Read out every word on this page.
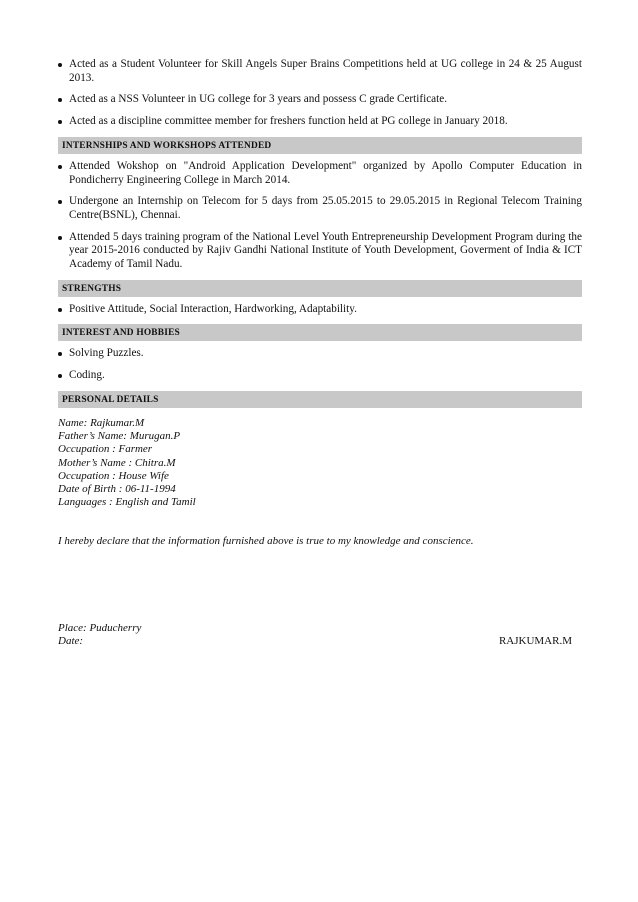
Acted as a Student Volunteer for Skill Angels Super Brains Competitions held at UG college in 24 & 25 August 2013.
Acted as a NSS Volunteer in UG college for 3 years and possess C grade Certificate.
Acted as a discipline committee member for freshers function held at PG college in January 2018.
INTERNSHIPS AND WORKSHOPS ATTENDED
Attended Wokshop on "Android Application Development" organized by Apollo Computer Education in Pondicherry Engineering College in March 2014.
Undergone an Internship on Telecom for 5 days from 25.05.2015 to 29.05.2015 in Regional Telecom Training Centre(BSNL), Chennai.
Attended 5 days training program of the National Level Youth Entrepreneurship Development Program during the year 2015-2016 conducted by Rajiv Gandhi National Institute of Youth Development, Goverment of India & ICT Academy of Tamil Nadu.
STRENGTHS
Positive Attitude, Social Interaction, Hardworking, Adaptability.
INTEREST AND HOBBIES
Solving Puzzles.
Coding.
PERSONAL DETAILS
Name: Rajkumar.M
Father’s Name: Murugan.P
Occupation : Farmer
Mother’s Name : Chitra.M
Occupation : House Wife
Date of Birth : 06-11-1994
Languages : English and Tamil
I hereby declare that the information furnished above is true to my knowledge and conscience.
Place: Puducherry
Date:	RAJKUMAR.M
